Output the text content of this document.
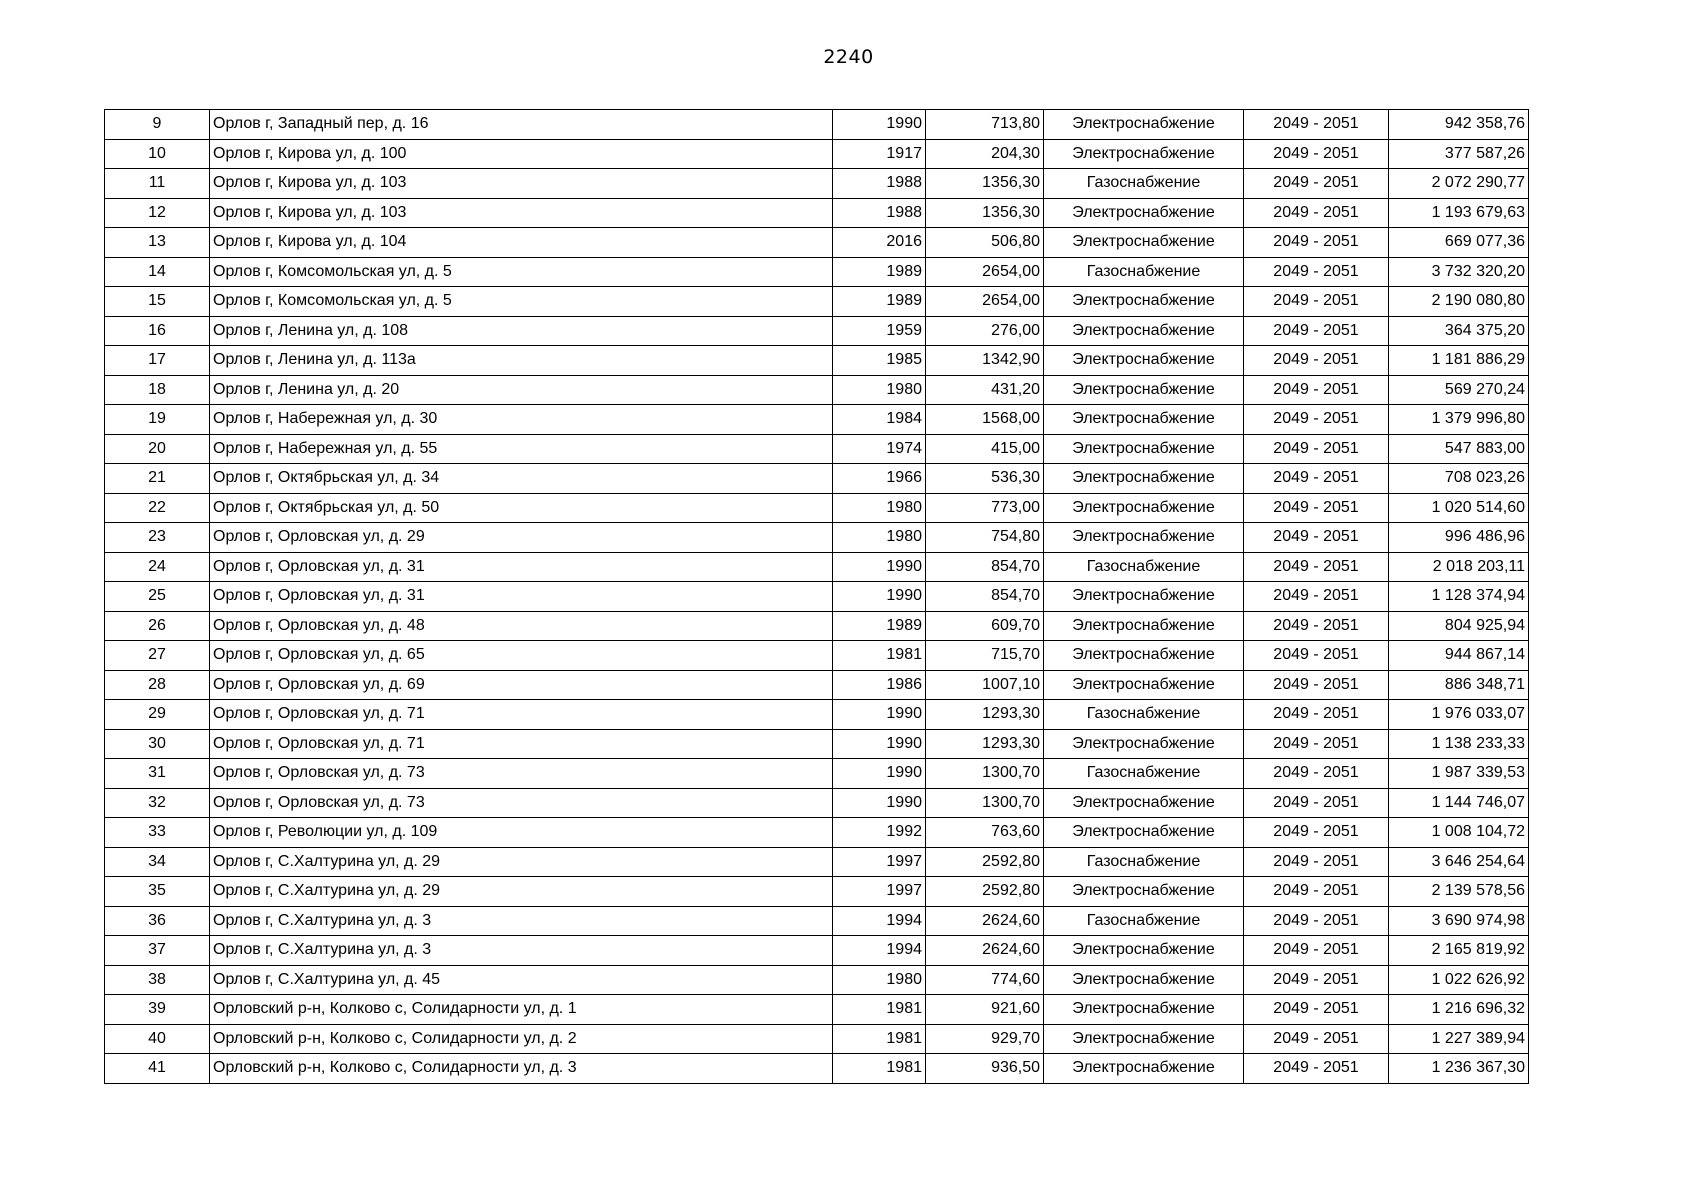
2240
9	Орлов г, Западный пер, д. 16	1990	713,80	Электроснабжение	2049 - 2051	942 358,76
10	Орлов г, Кирова ул, д. 100	1917	204,30	Электроснабжение	2049 - 2051	377 587,26
11	Орлов г, Кирова ул, д. 103	1988	1356,30	Газоснабжение	2049 - 2051	2 072 290,77
12	Орлов г, Кирова ул, д. 103	1988	1356,30	Электроснабжение	2049 - 2051	1 193 679,63
13	Орлов г, Кирова ул, д. 104	2016	506,80	Электроснабжение	2049 - 2051	669 077,36
14	Орлов г, Комсомольская ул, д. 5	1989	2654,00	Газоснабжение	2049 - 2051	3 732 320,20
15	Орлов г, Комсомольская ул, д. 5	1989	2654,00	Электроснабжение	2049 - 2051	2 190 080,80
16	Орлов г, Ленина ул, д. 108	1959	276,00	Электроснабжение	2049 - 2051	364 375,20
17	Орлов г, Ленина ул, д. 113а	1985	1342,90	Электроснабжение	2049 - 2051	1 181 886,29
18	Орлов г, Ленина ул, д. 20	1980	431,20	Электроснабжение	2049 - 2051	569 270,24
19	Орлов г, Набережная ул, д. 30	1984	1568,00	Электроснабжение	2049 - 2051	1 379 996,80
20	Орлов г, Набережная ул, д. 55	1974	415,00	Электроснабжение	2049 - 2051	547 883,00
21	Орлов г, Октябрьская ул, д. 34	1966	536,30	Электроснабжение	2049 - 2051	708 023,26
22	Орлов г, Октябрьская ул, д. 50	1980	773,00	Электроснабжение	2049 - 2051	1 020 514,60
23	Орлов г, Орловская ул, д. 29	1980	754,80	Электроснабжение	2049 - 2051	996 486,96
24	Орлов г, Орловская ул, д. 31	1990	854,70	Газоснабжение	2049 - 2051	2 018 203,11
25	Орлов г, Орловская ул, д. 31	1990	854,70	Электроснабжение	2049 - 2051	1 128 374,94
26	Орлов г, Орловская ул, д. 48	1989	609,70	Электроснабжение	2049 - 2051	804 925,94
27	Орлов г, Орловская ул, д. 65	1981	715,70	Электроснабжение	2049 - 2051	944 867,14
28	Орлов г, Орловская ул, д. 69	1986	1007,10	Электроснабжение	2049 - 2051	886 348,71
29	Орлов г, Орловская ул, д. 71	1990	1293,30	Газоснабжение	2049 - 2051	1 976 033,07
30	Орлов г, Орловская ул, д. 71	1990	1293,30	Электроснабжение	2049 - 2051	1 138 233,33
31	Орлов г, Орловская ул, д. 73	1990	1300,70	Газоснабжение	2049 - 2051	1 987 339,53
32	Орлов г, Орловская ул, д. 73	1990	1300,70	Электроснабжение	2049 - 2051	1 144 746,07
33	Орлов г, Революции ул, д. 109	1992	763,60	Электроснабжение	2049 - 2051	1 008 104,72
34	Орлов г, С.Халтурина ул, д. 29	1997	2592,80	Газоснабжение	2049 - 2051	3 646 254,64
35	Орлов г, С.Халтурина ул, д. 29	1997	2592,80	Электроснабжение	2049 - 2051	2 139 578,56
36	Орлов г, С.Халтурина ул, д. 3	1994	2624,60	Газоснабжение	2049 - 2051	3 690 974,98
37	Орлов г, С.Халтурина ул, д. 3	1994	2624,60	Электроснабжение	2049 - 2051	2 165 819,92
38	Орлов г, С.Халтурина ул, д. 45	1980	774,60	Электроснабжение	2049 - 2051	1 022 626,92
39	Орловский р-н, Колково с, Солидарности ул, д. 1	1981	921,60	Электроснабжение	2049 - 2051	1 216 696,32
40	Орловский р-н, Колково с, Солидарности ул, д. 2	1981	929,70	Электроснабжение	2049 - 2051	1 227 389,94
41	Орловский р-н, Колково с, Солидарности ул, д. 3	1981	936,50	Электроснабжение	2049 - 2051	1 236 367,30
